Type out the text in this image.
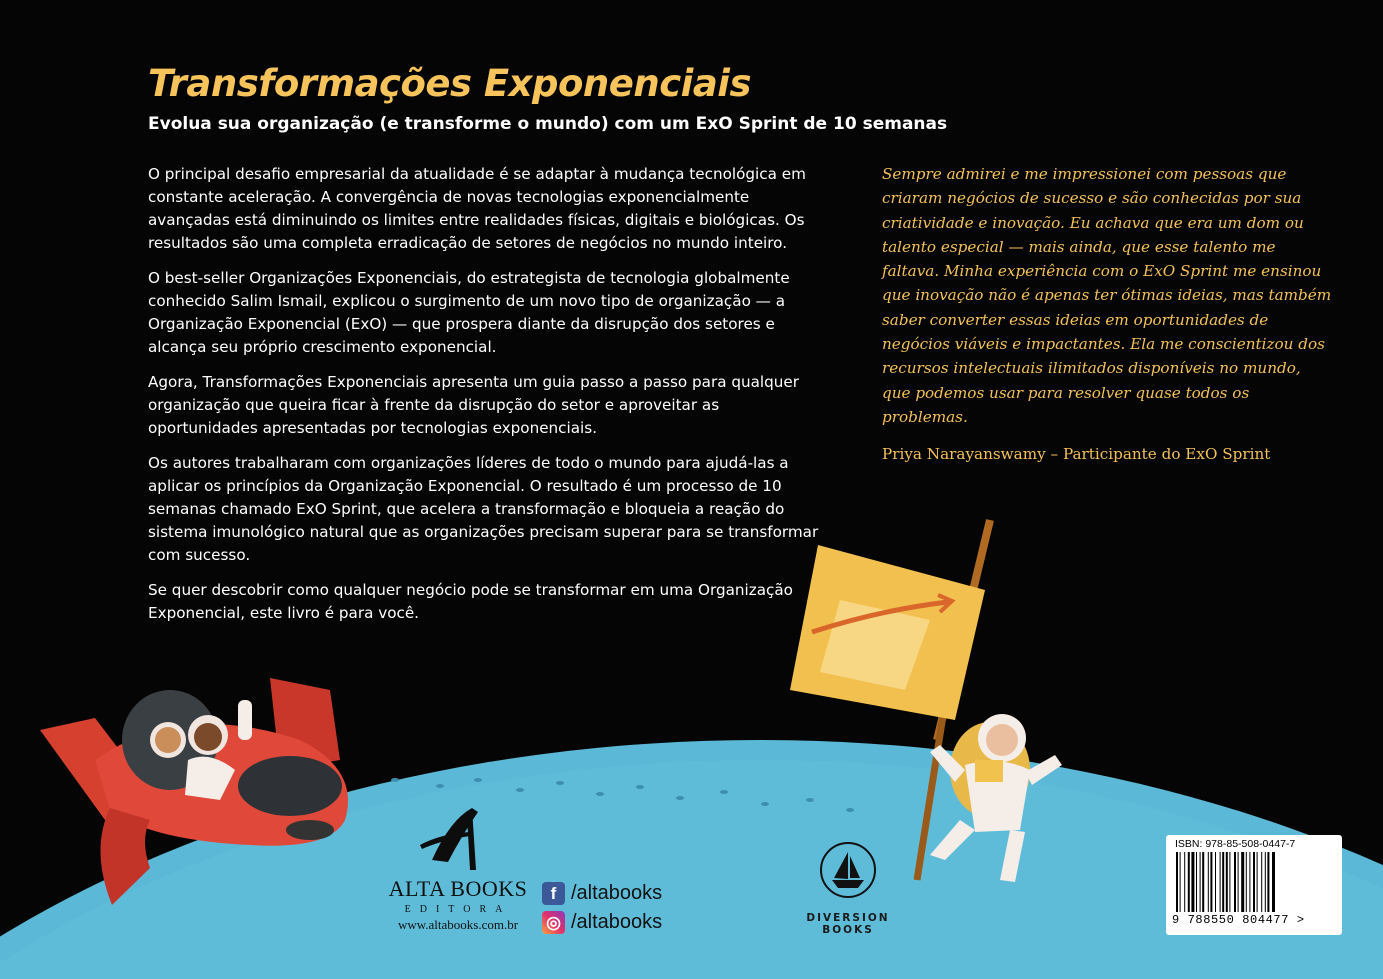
Transformações Exponenciais

Evolua sua organização (e transforme o mundo) com um ExO Sprint de 10 semanas

O principal desafio empresarial da atualidade é se adaptar à mudança tecnológica em constante aceleração. A convergência de novas tecnologias exponencialmente avançadas está diminuindo os limites entre realidades físicas, digitais e biológicas. Os resultados são uma completa erradicação de setores de negócios no mundo inteiro.

O best-seller Organizações Exponenciais, do estrategista de tecnologia globalmente conhecido Salim Ismail, explicou o surgimento de um novo tipo de organização — a Organização Exponencial (ExO) — que prospera diante da disrupção dos setores e alcança seu próprio crescimento exponencial.

Agora, Transformações Exponenciais apresenta um guia passo a passo para qualquer organização que queira ficar à frente da disrupção do setor e aproveitar as oportunidades apresentadas por tecnologias exponenciais.

Os autores trabalharam com organizações líderes de todo o mundo para ajudá-las a aplicar os princípios da Organização Exponencial. O resultado é um processo de 10 semanas chamado ExO Sprint, que acelera a transformação e bloqueia a reação do sistema imunológico natural que as organizações precisam superar para se transformar com sucesso.

Se quer descobrir como qualquer negócio pode se transformar em uma Organização Exponencial, este livro é para você.

Sempre admirei e me impressionei com pessoas que criaram negócios de sucesso e são conhecidas por sua criatividade e inovação. Eu achava que era um dom ou talento especial — mais ainda, que esse talento me faltava. Minha experiência com o ExO Sprint me ensinou que inovação não é apenas ter ótimas ideias, mas também saber converter essas ideias em oportunidades de negócios viáveis e impactantes. Ela me conscientizou dos recursos intelectuais ilimitados disponíveis no mundo, que podemos usar para resolver quase todos os problemas.

Priya Narayanswamy – Participante do ExO Sprint
ALTA BOOKS
EDITORA
www.altabooks.com.br
f /altabooks
◎ /altabooks	DIVERSION
BOOKS
ISBN: 978-85-508-0447-7
9 788550 804477 >
